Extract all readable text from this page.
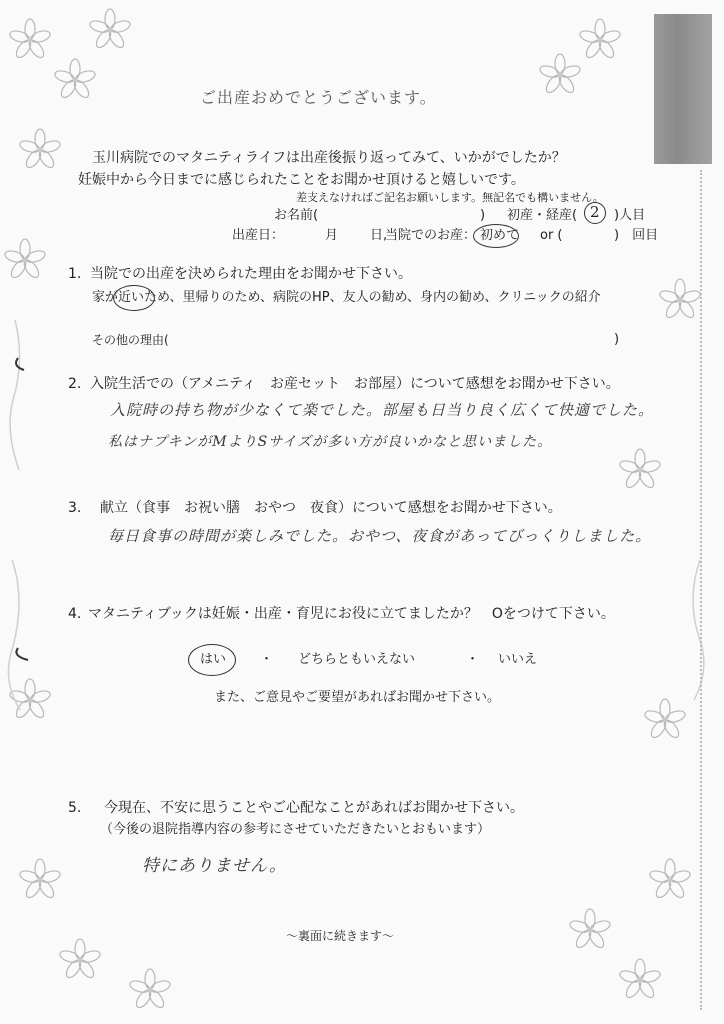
ご出産おめでとうございます。
玉川病院でのマタニティライフは出産後振り返ってみて、いかがでしたか？
妊娠中から今日までに感じられたことをお聞かせ頂けると嬉しいです。
差支えなければご記名お願いします。無記名でも構いません。
お名前(	) 初産・経産( 2 )人目
出産日：	月 日,
当院でのお産： 初めて or (	)　回目
1. 当院での出産を決められた理由をお聞かせ下さい。
家が近いため、里帰りのため、病院のHP、友人の勧め、身内の勧め、クリニックの紹介
その他の理由(	)
2. 入院生活での（アメニティ　お産セット　お部屋）について感想をお聞かせ下さい。
入院時の持ち物が少なくて楽でした。部屋も日当り良く広くて快適でした。
私はナプキンがMよりSサイズが多い方が良いかなと思いました。
3. 献立（食事　お祝い膳　おやつ　夜食）について感想をお聞かせ下さい。
毎日食事の時間が楽しみでした。おやつ、夜食があってびっくりしました。
4. マタニティブックは妊娠・出産・育児にお役に立てましたか？　Oをつけて下さい。
はい	・ どちらともいえない	・ いいえ
また、ご意見やご要望があればお聞かせ下さい。
5. 今現在、不安に思うことやご心配なことがあればお聞かせ下さい。
（今後の退院指導内容の参考にさせていただきたいとおもいます）
特にありません。
〜裏面に続きます〜
